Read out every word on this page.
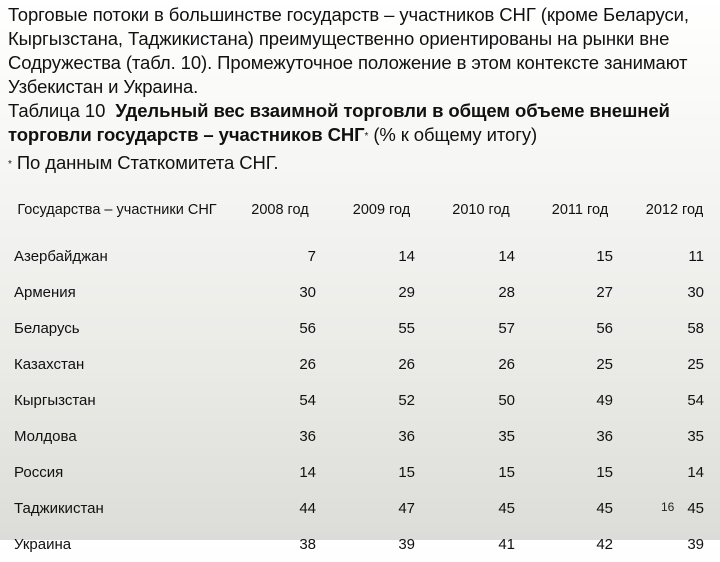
Торговые потоки в большинстве государств – участников СНГ (кроме Беларуси, Кыргызстана, Таджикистана) преимущественно ориентированы на рынки вне Содружества (табл. 10). Промежуточное положение в этом контексте занимают Узбекистан и Украина.

Таблица 10 Удельный вес взаимной торговли в общем объеме внешней торговли государств – участников СНГ* (% к общему итогу)

* По данным Статкомитета СНГ.

Государства – участники СНГ	2008 год	2009 год	2010 год	2011 год	2012 год
Азербайджан	7	14	14	15	11
Армения	30	29	28	27	30
Беларусь	56	55	57	56	58
Казахстан	26	26	26	25	25
Кыргызстан	54	52	50	49	54
Молдова	36	36	35	36	35
Россия	14	15	15	15	14
Таджикистан	44	47	45	45	45
Украина	38	39	41	42	39
16
